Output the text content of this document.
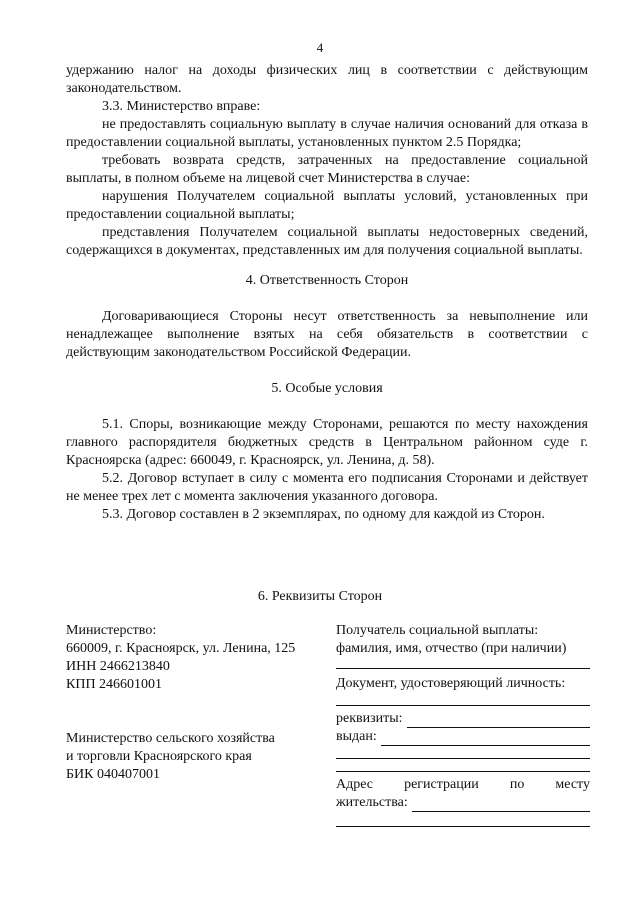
4

удержанию налог на доходы физических лиц в соответствии с действующим

законодательством.

3.3. Министерство вправе:

не предоставлять социальную выплату в случае наличия оснований для отказа в предоставлении социальной выплаты, установленных пунктом 2.5 Порядка;

требовать возврата средств, затраченных на предоставление социальной выплаты, в полном объеме на лицевой счет Министерства в случае:

нарушения Получателем социальной выплаты условий, установленных при предоставлении социальной выплаты;

представления Получателем социальной выплаты недостоверных сведений, содержащихся в документах, представленных им для получения социальной выплаты.

4. Ответственность Сторон

Договаривающиеся Стороны несут ответственность за невыполнение или ненадлежащее выполнение взятых на себя обязательств в соответствии с действующим законодательством Российской Федерации.

5. Особые условия

5.1. Споры, возникающие между Сторонами, решаются по месту нахождения главного распорядителя бюджетных средств в Центральном районном суде г. Красноярска (адрес: 660049, г. Красноярск, ул. Ленина, д. 58).

5.2. Договор вступает в силу с момента его подписания Сторонами и действует не менее трех лет с момента заключения указанного договора.

5.3. Договор составлен в 2 экземплярах, по одному для каждой из Сторон.

6. Реквизиты Сторон
Министерство:
660009, г. Красноярск, ул. Ленина, 125
ИНН 2466213840
КПП 246601001
Министерство сельского хозяйства
и торговли Красноярского края
БИК 040407001
Получатель социальной выплаты:
фамилия, имя, отчество (при наличии)
Документ, удостоверяющий личность:
реквизиты:
выдан:
Адрес регистрации по месту
жительства:
